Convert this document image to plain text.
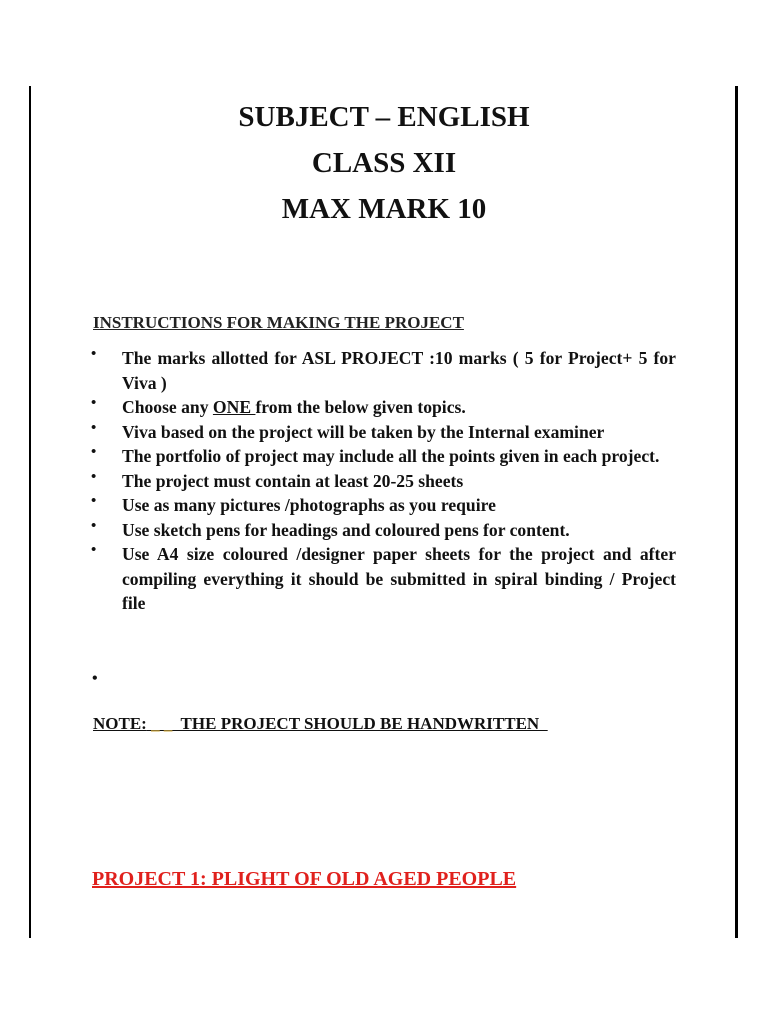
SUBJECT – ENGLISH
CLASS XII
MAX MARK 10
INSTRUCTIONS FOR MAKING THE PROJECT
• The marks allotted for ASL PROJECT :10 marks ( 5 for Project+ 5 for Viva )
• Choose any ONE from the below given topics.
• Viva based on the project will be taken by the Internal examiner
• The portfolio of project may include all the points given in each project.
• The project must contain at least 20-25 sheets
• Use as many pictures /photographs as you require
• Use sketch pens for headings and coloured pens for content.
• Use A4 size coloured /designer paper sheets for the project and after compiling everything it should be submitted in spiral binding / Project file
•
NOTE: _ _  THE PROJECT SHOULD BE HANDWRITTEN
PROJECT 1: PLIGHT OF OLD AGED PEOPLE
